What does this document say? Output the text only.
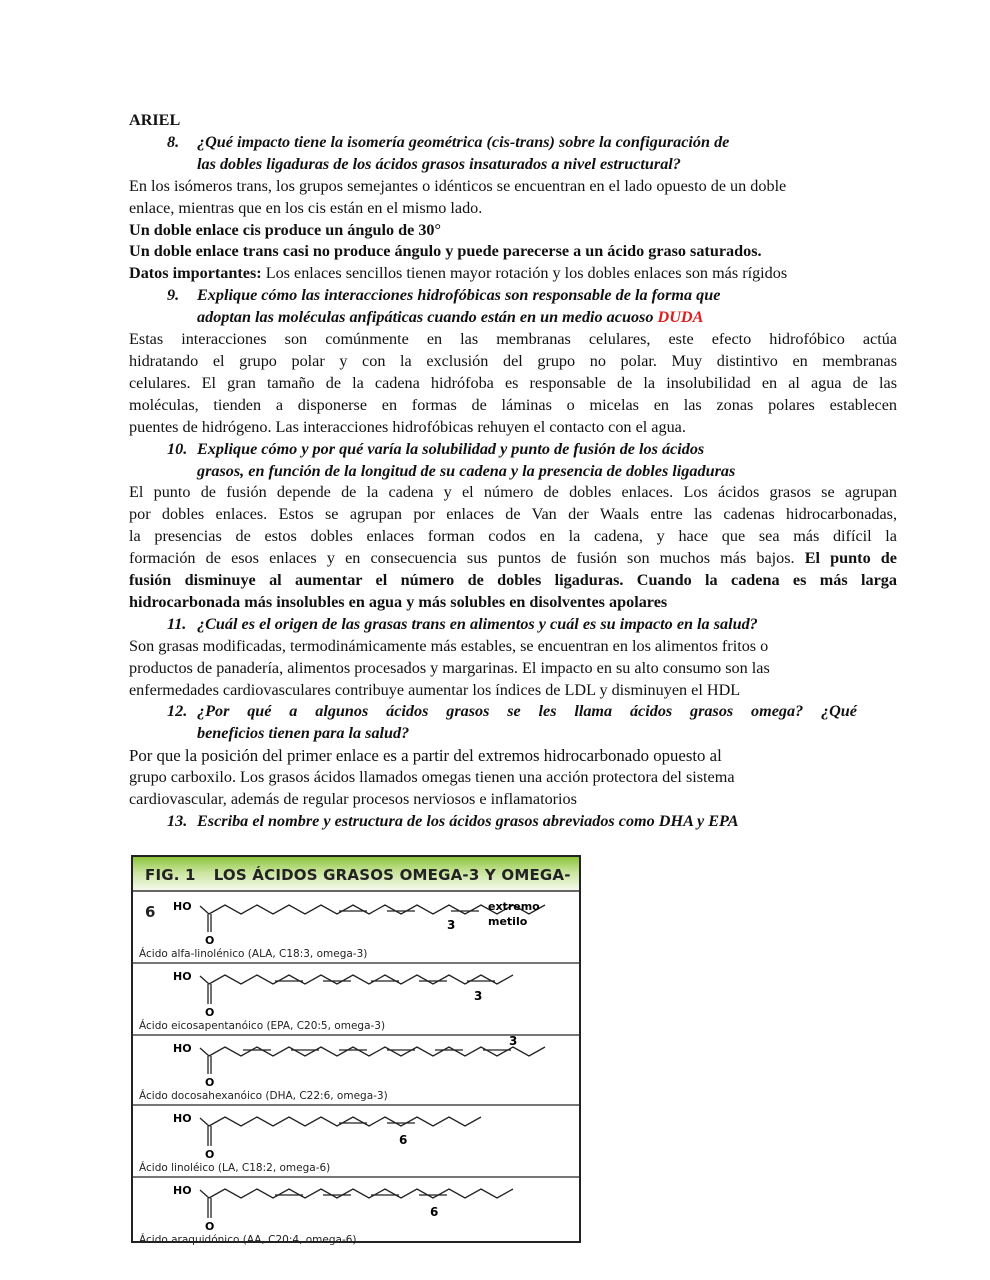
ARIEL
8. ¿Qué impacto tiene la isomería geométrica (cis-trans) sobre la configuración de
las dobles ligaduras de los ácidos grasos insaturados a nivel estructural?
En los isómeros trans, los grupos semejantes o idénticos se encuentran en el lado opuesto de un doble
enlace, mientras que en los cis están en el mismo lado.
Un doble enlace cis produce un ángulo de 30°
Un doble enlace trans casi no produce ángulo y puede parecerse a un ácido graso saturados.
Datos importantes: Los enlaces sencillos tienen mayor rotación y los dobles enlaces son más rígidos
9. Explique cómo las interacciones hidrofóbicas son responsable de la forma que
adoptan las moléculas anfipáticas cuando están en un medio acuoso DUDA
Estas interacciones son comúnmente en las membranas celulares, este efecto hidrofóbico actúa
hidratando el grupo polar y con la exclusión del grupo no polar. Muy distintivo en membranas
celulares. El gran tamaño de la cadena hidrófoba es responsable de la insolubilidad en al agua de las
moléculas, tienden a disponerse en formas de láminas o micelas en las zonas polares establecen
puentes de hidrógeno. Las interacciones hidrofóbicas rehuyen el contacto con el agua.
10. Explique cómo y por qué varía la solubilidad y punto de fusión de los ácidos
grasos, en función de la longitud de su cadena y la presencia de dobles ligaduras
El punto de fusión depende de la cadena y el número de dobles enlaces. Los ácidos grasos se agrupan
por dobles enlaces. Estos se agrupan por enlaces de Van der Waals entre las cadenas hidrocarbonadas,
la presencias de estos dobles enlaces forman codos en la cadena, y hace que sea más difícil la
formación de esos enlaces y en consecuencia sus puntos de fusión son muchos más bajos. El punto de
fusión disminuye al aumentar el número de dobles ligaduras. Cuando la cadena es más larga
hidrocarbonada más insolubles en agua y más solubles en disolventes apolares
11. ¿Cuál es el origen de las grasas trans en alimentos y cuál es su impacto en la salud?
Son grasas modificadas, termodinámicamente más estables, se encuentran en los alimentos fritos o
productos de panadería, alimentos procesados y margarinas. El impacto en su alto consumo son las
enfermedades cardiovasculares contribuye aumentar los índices de LDL y disminuyen el HDL
12. ¿Por qué a algunos ácidos grasos se les llama ácidos grasos omega? ¿Qué
beneficios tienen para la salud?
Por que la posición del primer enlace es a partir del extremos hidrocarbonado opuesto al
grupo carboxilo. Los grasos ácidos llamados omegas tienen una acción protectora del sistema
cardiovascular, además de regular procesos nerviosos e inflamatorios
13. Escriba el nombre y estructura de los ácidos grasos abreviados como DHA y EPA
FIG. 1 LOS ÁCIDOS GRASOS OMEGA-3 Y OMEGA-6	HO
O
3
extremo
metilo
Ácido alfa-linolénico (ALA, C18:3, omega-3)
HO
O
3
Ácido eicosapentanóico (EPA, C20:5, omega-3)
HO
O
3
Ácido docosahexanóico (DHA, C22:6, omega-3)
HO
O
6
Ácido linoléico (LA, C18:2, omega-6)
HO
O
6
Ácido araquidónico (AA, C20:4, omega-6)
